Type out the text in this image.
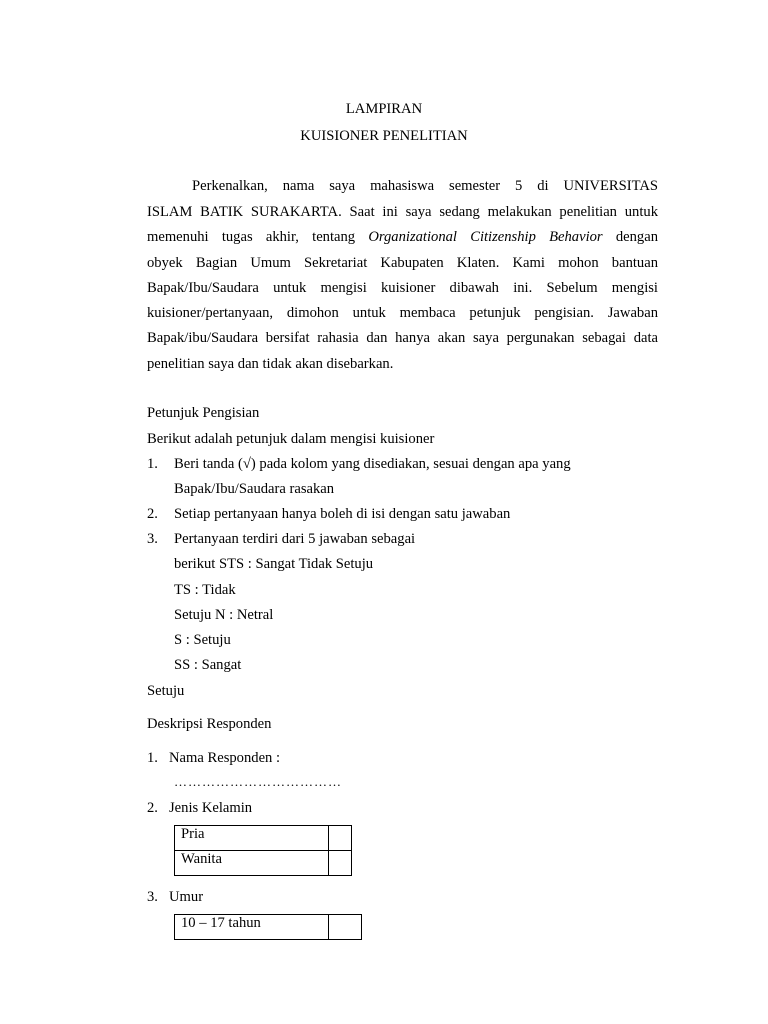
LAMPIRAN
KUISIONER PENELITIAN
Perkenalkan, nama saya mahasiswa semester 5 di UNIVERSITAS
ISLAM BATIK SURAKARTA. Saat ini saya sedang melakukan penelitian untuk
memenuhi tugas akhir, tentang Organizational Citizenship Behavior dengan
obyek Bagian Umum Sekretariat Kabupaten Klaten. Kami mohon bantuan
Bapak/Ibu/Saudara untuk mengisi kuisioner dibawah ini. Sebelum mengisi
kuisioner/pertanyaan, dimohon untuk membaca petunjuk pengisian. Jawaban
Bapak/ibu/Saudara bersifat rahasia dan hanya akan saya pergunakan sebagai data
penelitian saya dan tidak akan disebarkan.
Petunjuk Pengisian
Berikut adalah petunjuk dalam mengisi kuisioner
1. Beri tanda (√) pada kolom yang disediakan, sesuai dengan apa yang
Bapak/Ibu/Saudara rasakan
2. Setiap pertanyaan hanya boleh di isi dengan satu jawaban
3. Pertanyaan terdiri dari 5 jawaban sebagai
berikut STS : Sangat Tidak Setuju
TS : Tidak
Setuju N : Netral
S : Setuju
SS : Sangat
Setuju
Deskripsi Responden
1. Nama Responden :
………………………………
2. Jenis Kelamin
Pria	
Wanita	
3. Umur
10 – 17 tahun	
